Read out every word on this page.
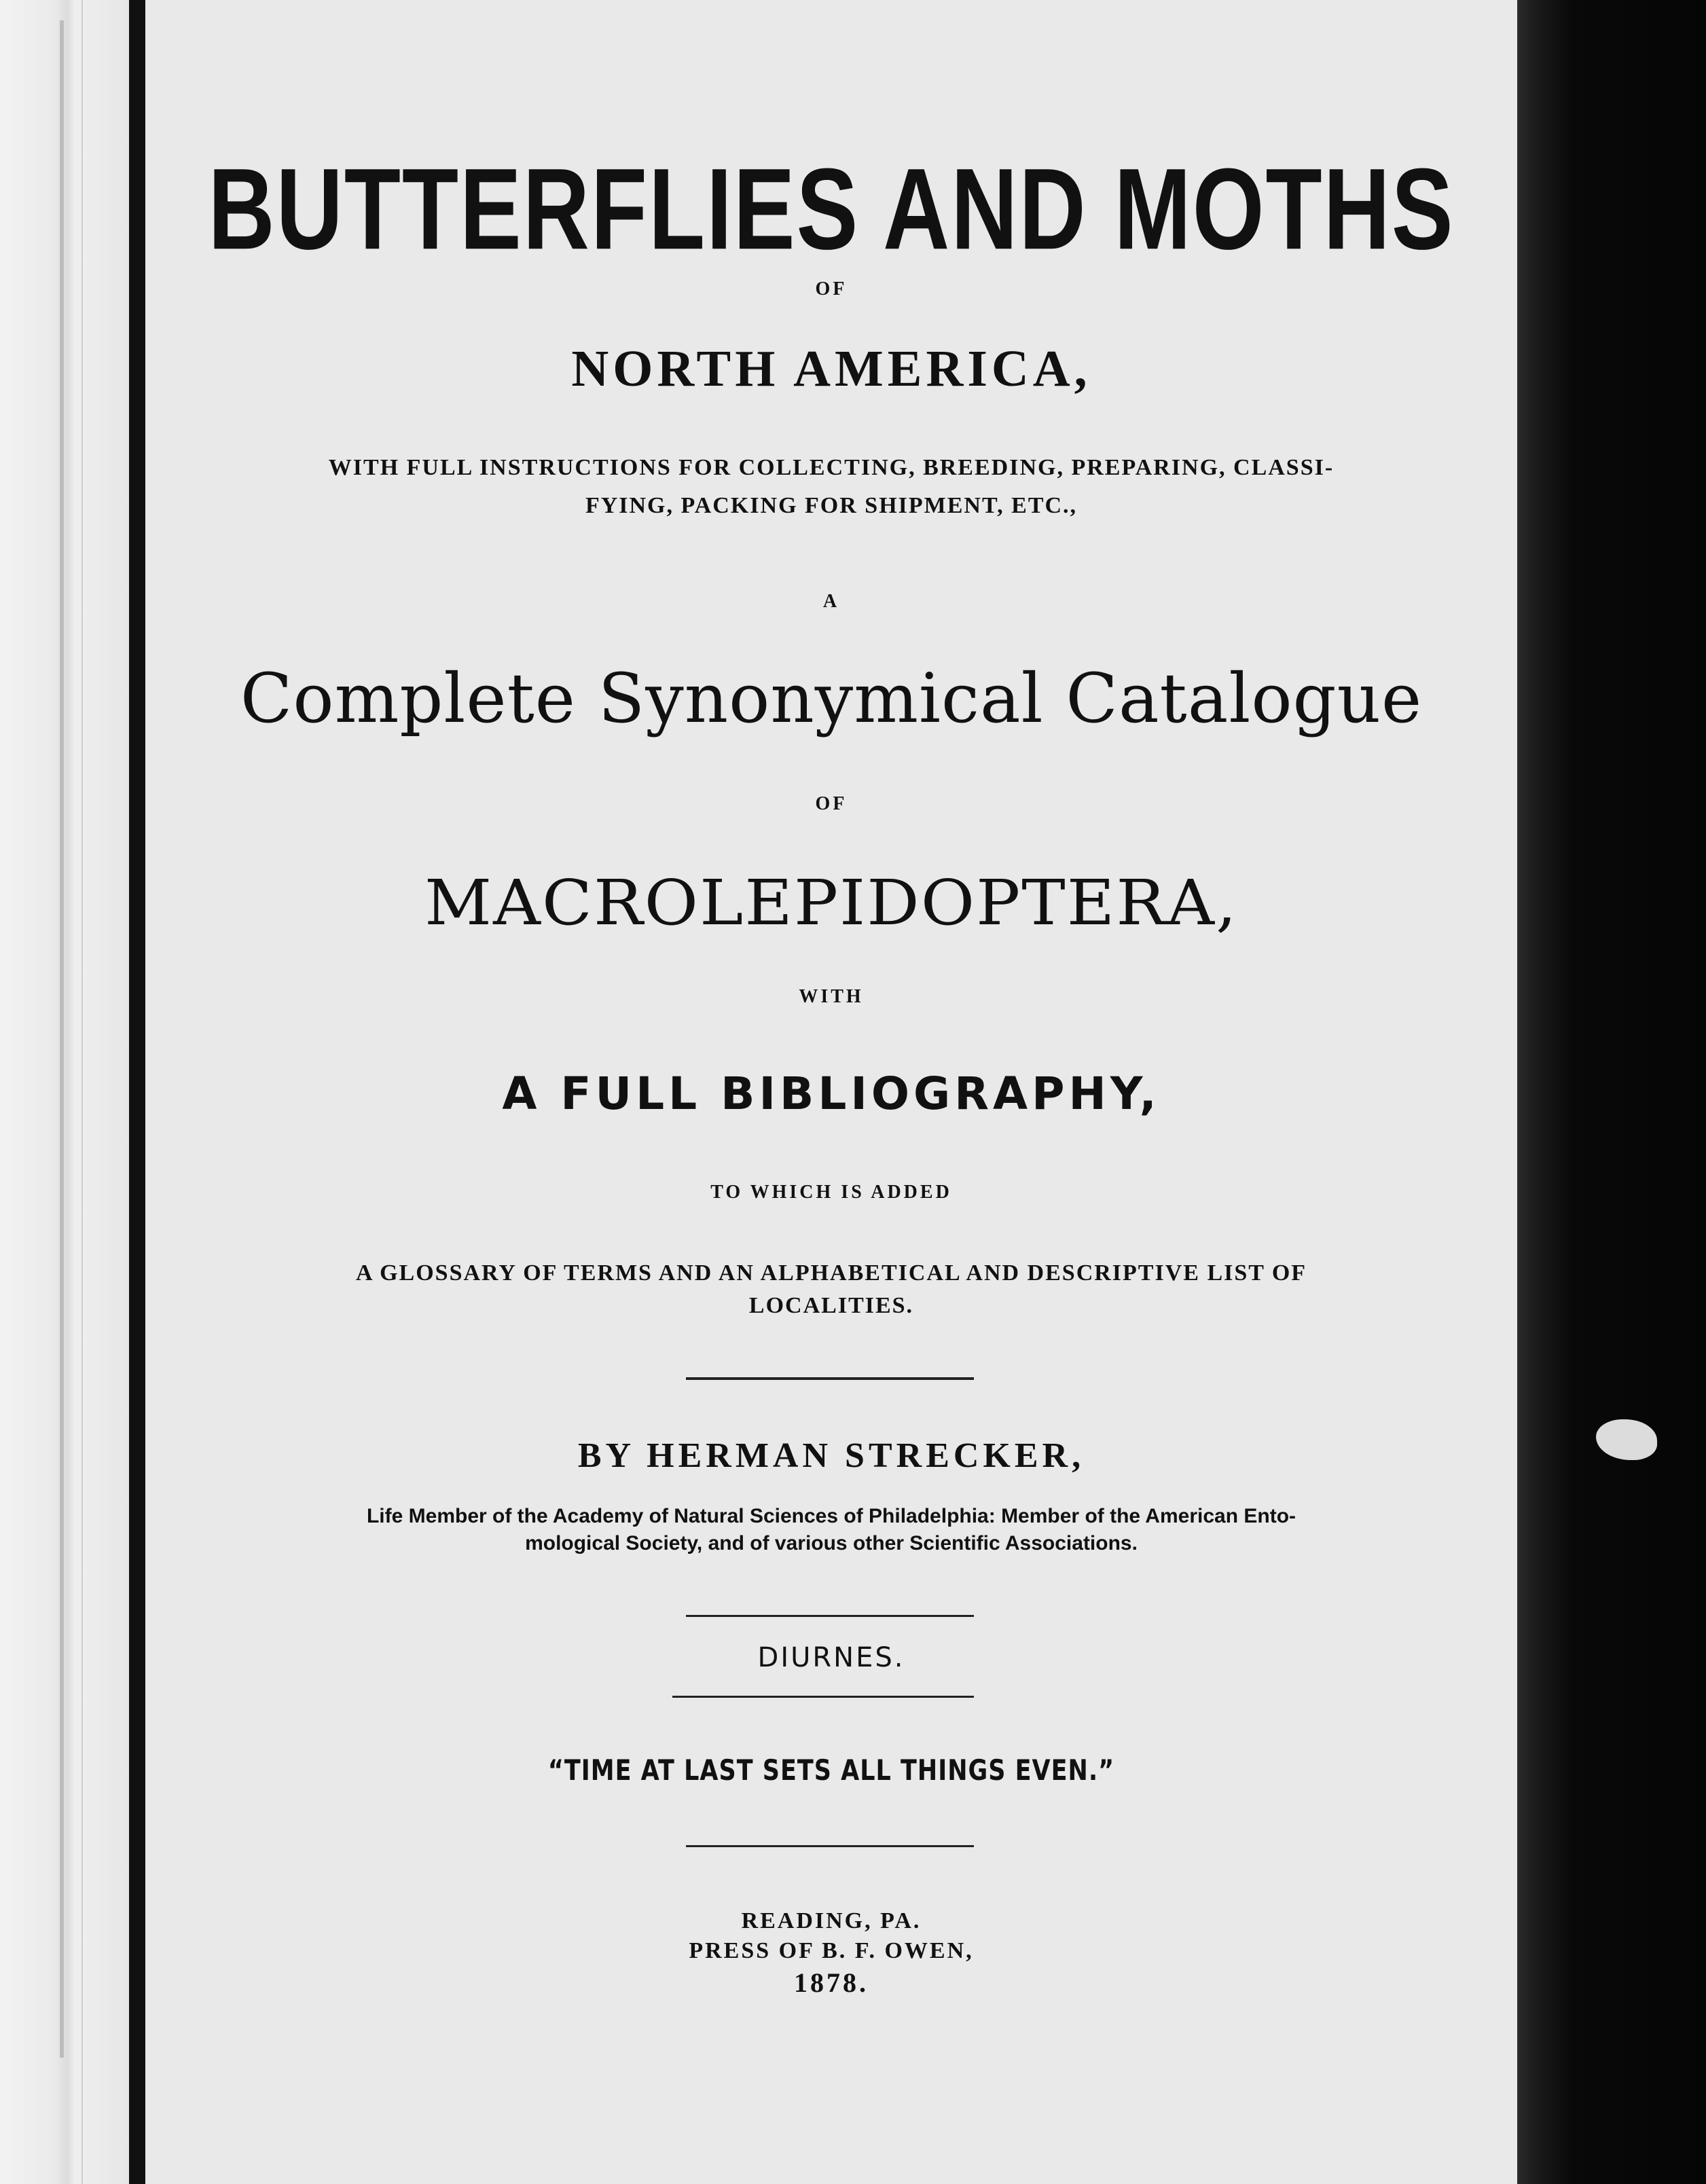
BUTTERFLIES AND MOTHS
OF
NORTH AMERICA,
WITH FULL INSTRUCTIONS FOR COLLECTING, BREEDING, PREPARING, CLASSI-
FYING, PACKING FOR SHIPMENT, ETC.,
A
Complete Synonymical Catalogue
OF
MACROLEPIDOPTERA,
WITH
A FULL BIBLIOGRAPHY,
TO WHICH IS ADDED
A GLOSSARY OF TERMS AND AN ALPHABETICAL AND DESCRIPTIVE LIST OF
LOCALITIES.
BY HERMAN STRECKER,
Life Member of the Academy of Natural Sciences of Philadelphia: Member of the American Ento-
mological Society, and of various other Scientific Associations.
DIURNES.
“TIME AT LAST SETS ALL THINGS EVEN.”
READING, PA.
PRESS OF B. F. OWEN,
1878.
